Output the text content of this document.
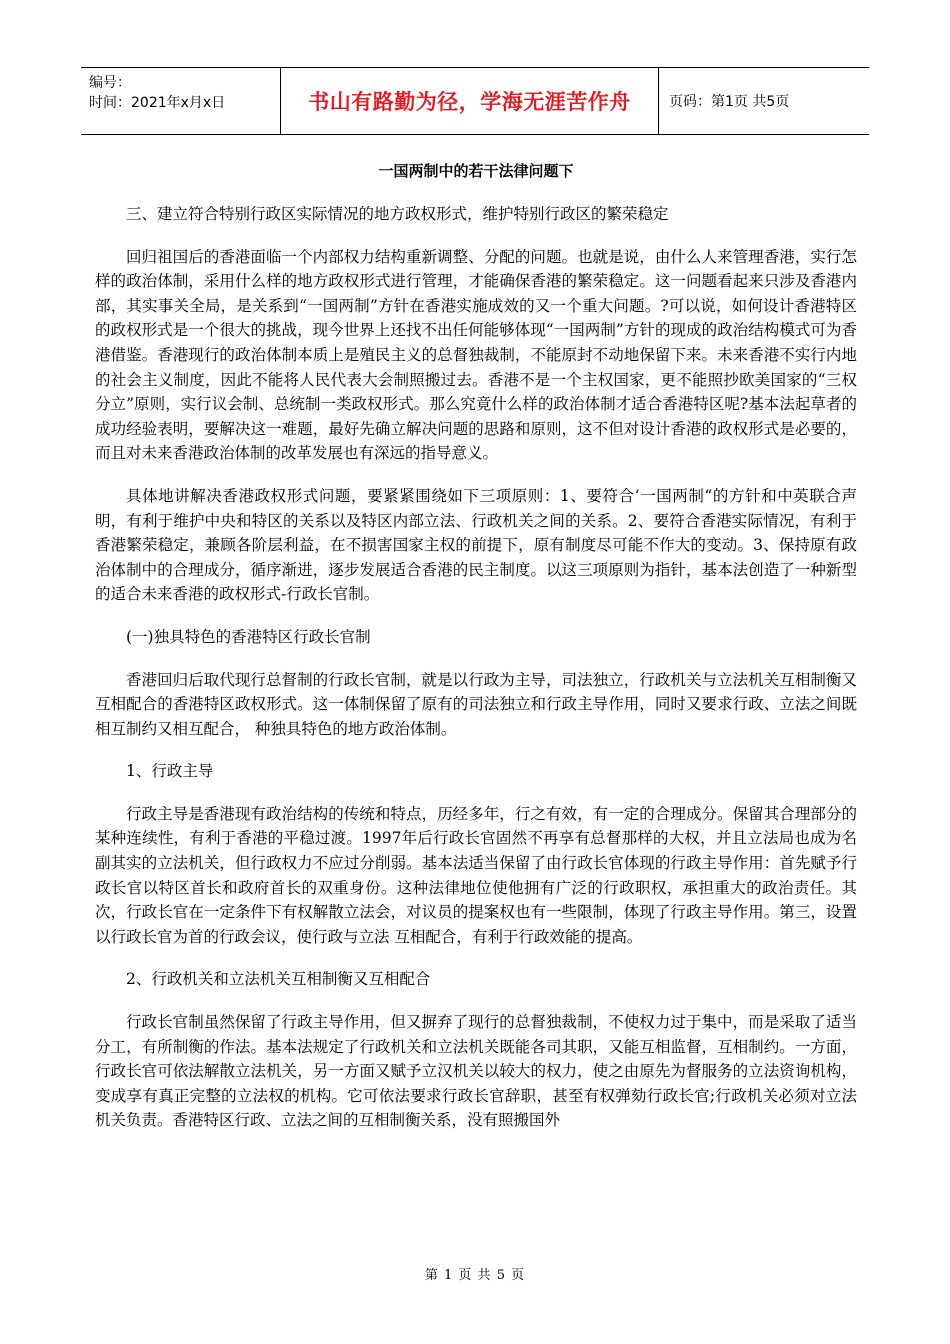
编号：
时间：2021年x月x日	书山有路勤为径，学海无涯苦作舟	页码：第1页 共5页
一国两制中的若干法律问题下

三、建立符合特别行政区实际情况的地方政权形式，维护特别行政区的繁荣稳定

回归祖国后的香港面临一个内部权力结构重新调整、分配的问题。也就是说，由什么人来管理香港，实行怎样的政治体制，采用什么样的地方政权形式进行管理，才能确保香港的繁荣稳定。这一问题看起来只涉及香港内部，其实事关全局，是关系到“一国两制”方针在香港实施成效的又一个重大问题。?可以说，如何设计香港特区的政权形式是一个很大的挑战，现今世界上还找不出任何能够体现“一国两制”方针的现成的政治结构模式可为香港借鉴。香港现行的政治体制本质上是殖民主义的总督独裁制，不能原封不动地保留下来。未来香港不实行内地的社会主义制度，因此不能将人民代表大会制照搬过去。香港不是一个主权国家，更不能照抄欧美国家的“三权分立”原则，实行议会制、总统制一类政权形式。那么究竟什么样的政治体制才适合香港特区呢?基本法起草者的成功经验表明，要解决这一难题，最好先确立解决问题的思路和原则，这不但对设计香港的政权形式是必要的，而且对未来香港政治体制的改革发展也有深远的指导意义。

具体地讲解决香港政权形式问题，要紧紧围绕如下三项原则：1、要符合‘一国两制“的方针和中英联合声明，有利于维护中央和特区的关系以及特区内部立法、行政机关之间的关系。2、要符合香港实际情况，有利于香港繁荣稳定，兼顾各阶层利益，在不损害国家主权的前提下，原有制度尽可能不作大的变动。3、保持原有政治体制中的合理成分，循序渐进，逐步发展适合香港的民主制度。以这三项原则为指针，基本法创造了一种新型的适合未来香港的政权形式-行政长官制。

(一)独具特色的香港特区行政长官制

香港回归后取代现行总督制的行政长官制，就是以行政为主导，司法独立，行政机关与立法机关互相制衡又互相配合的香港特区政权形式。这一体制保留了原有的司法独立和行政主导作用，同时又要求行政、立法之间既相互制约又相互配合， 种独具特色的地方政治体制。

1、行政主导

行政主导是香港现有政治结构的传统和特点，历经多年，行之有效，有一定的合理成分。保留其合理部分的某种连续性，有利于香港的平稳过渡。1997年后行政长官固然不再享有总督那样的大权，并且立法局也成为名副其实的立法机关，但行政权力不应过分削弱。基本法适当保留了由行政长官体现的行政主导作用：首先赋予行政长官以特区首长和政府首长的双重身份。这种法律地位使他拥有广泛的行政职权，承担重大的政治责任。其次，行政长官在一定条件下有权解散立法会，对议员的提案权也有一些限制，体现了行政主导作用。第三，设置以行政长官为首的行政会议，使行政与立法 互相配合，有利于行政效能的提高。

2、行政机关和立法机关互相制衡又互相配合

行政长官制虽然保留了行政主导作用，但又摒弃了现行的总督独裁制，不使权力过于集中，而是采取了适当分工，有所制衡的作法。基本法规定了行政机关和立法机关既能各司其职，又能互相监督，互相制约。一方面，行政长官可依法解散立法机关，另一方面又赋予立汉机关以较大的权力，使之由原先为督服务的立法资询机构，变成享有真正完整的立法权的机构。它可依法要求行政长官辞职，甚至有权弹劾行政长官;行政机关必须对立法机关负责。香港特区行政、立法之间的互相制衡关系，没有照搬国外

第 1 页 共 5 页
